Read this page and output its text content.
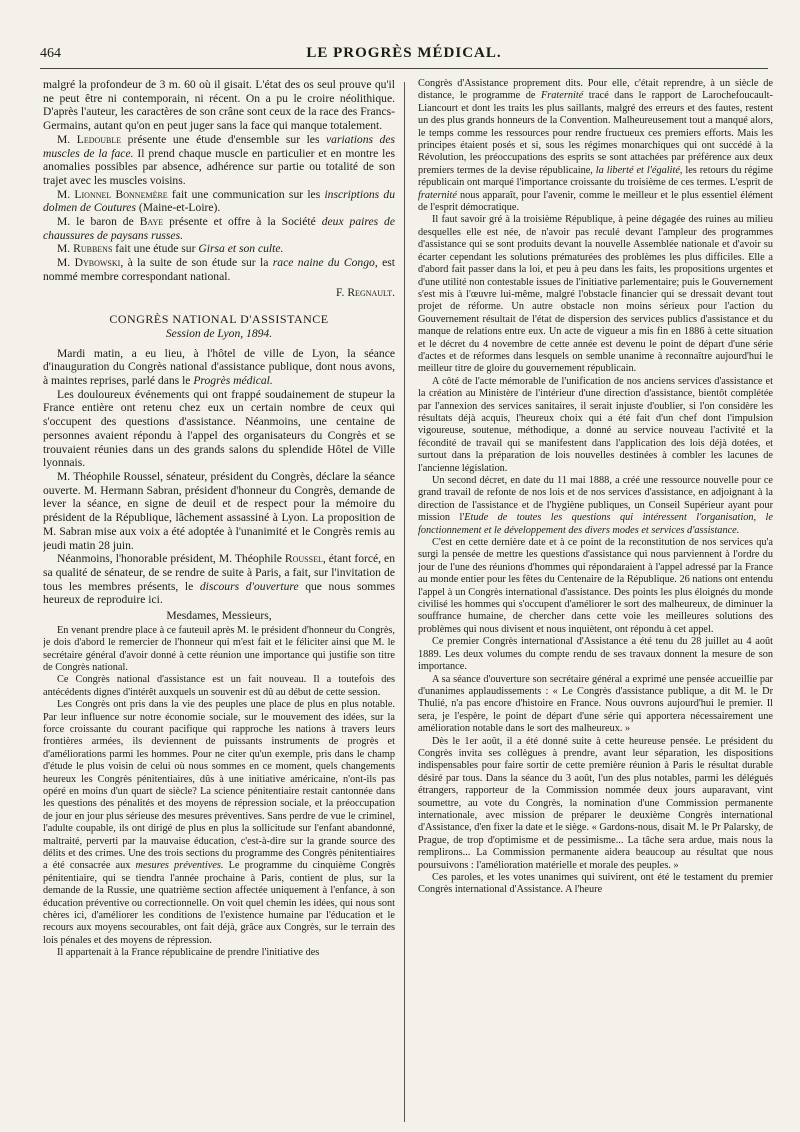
464	LE PROGRÈS MÉDICAL.

malgré la profondeur de 3 m. 60 où il gisait. L'état des os seul prouve qu'il ne peut être ni contemporain, ni récent. On a pu le croire néolithique. D'après l'auteur, les caractères de son crâne sont ceux de la race des Francs-Germains, autant qu'on en peut juger sans la face qui manque totalement.

M. Ledouble présente une étude d'ensemble sur les variations des muscles de la face. Il prend chaque muscle en particulier et en montre les anomalies possibles par absence, adhérence sur partie ou totalité de son trajet avec les muscles voisins.

M. Lionnel Bonnemère fait une communication sur les inscriptions du dolmen de Coutures (Maine-et-Loire).

M. le baron de Baye présente et offre à la Société deux paires de chaussures de paysans russes.

M. Rubbens fait une étude sur Girsa et son culte.

M. Dybowski, à la suite de son étude sur la race naine du Congo, est nommé membre correspondant national.

F. Regnault.
CONGRÈS NATIONAL D'ASSISTANCE
Session de Lyon, 1894.

Mardi matin, a eu lieu, à l'hôtel de ville de Lyon, la séance d'inauguration du Congrès national d'assistance publique, dont nous avons, à maintes reprises, parlé dans le Progrès médical.

Les douloureux événements qui ont frappé soudainement de stupeur la France entière ont retenu chez eux un certain nombre de ceux qui s'occupent des questions d'assistance. Néanmoins, une centaine de personnes avaient répondu à l'appel des organisateurs du Congrès et se trouvaient réunies dans un des grands salons du splendide Hôtel de Ville lyonnais.

M. Théophile Roussel, sénateur, président du Congrès, déclare la séance ouverte. M. Hermann Sabran, président d'honneur du Congrès, demande de lever la séance, en signe de deuil et de respect pour la mémoire du président de la République, lâchement assassiné à Lyon. La proposition de M. Sabran mise aux voix a été adoptée à l'unanimité et le Congrès remis au jeudi matin 28 juin.

Néanmoins, l'honorable président, M. Théophile Roussel, étant forcé, en sa qualité de sénateur, de se rendre de suite à Paris, a fait, sur l'invitation de tous les membres présents, le discours d'ouverture que nous sommes heureux de reproduire ici.

Mesdames, Messieurs,

En venant prendre place à ce fauteuil après M. le président d'honneur du Congrès, je dois d'abord le remercier de l'honneur qui m'est fait et le féliciter ainsi que M. le secrétaire général d'avoir donné à cette réunion une importance qui justifie son titre de Congrès national.

Ce Congrès national d'assistance est un fait nouveau. Il a toutefois des antécédents dignes d'intérêt auxquels un souvenir est dû au début de cette session.

Les Congrès ont pris dans la vie des peuples une place de plus en plus notable. Par leur influence sur notre économie sociale, sur le mouvement des idées, sur la force croissante du courant pacifique qui rapproche les nations à travers leurs frontières armées, ils deviennent de puissants instruments de progrès et d'améliorations parmi les hommes. Pour ne citer qu'un exemple, pris dans le champ d'étude le plus voisin de celui où nous sommes en ce moment, quels changements heureux les Congrès pénitentiaires, dûs à une initiative américaine, n'ont-ils pas opéré en moins d'un quart de siècle? La science pénitentiaire restait cantonnée dans les questions des pénalités et des moyens de répression sociale, et la préoccupation de jour en jour plus sérieuse des mesures préventives. Sans perdre de vue le criminel, l'adulte coupable, ils ont dirigé de plus en plus la sollicitude sur l'enfant abandonné, maltraité, perverti par la mauvaise éducation, c'est-à-dire sur la grande source des délits et des crimes. Une des trois sections du programme des Congrès pénitentiaires a été consacrée aux mesures préventives. Le programme du cinquième Congrès pénitentiaire, qui se tiendra l'année prochaine à Paris, contient de plus, sur la demande de la Russie, une quatrième section affectée uniquement à l'enfance, à son éducation préventive ou correctionnelle. On voit quel chemin les idées, qui nous sont chères ici, d'améliorer les conditions de l'existence humaine par l'éducation et le recours aux moyens secourables, ont fait déjà, grâce aux Congrès, sur le terrain des lois pénales et des moyens de répression.

Il appartenait à la France républicaine de prendre l'initiative des

Congrès d'Assistance proprement dits. Pour elle, c'était reprendre, à un siècle de distance, le programme de Fraternité tracé dans le rapport de Larochefoucault-Liancourt et dont les traits les plus saillants, malgré des erreurs et des fautes, restent un des plus grands honneurs de la Convention. Malheureusement tout a manqué alors, le temps comme les ressources pour rendre fructueux ces premiers efforts. Mais les principes étaient posés et si, sous les régimes monarchiques qui ont succédé à la Révolution, les préoccupations des esprits se sont attachées par préférence aux deux premiers termes de la devise républicaine, la liberté et l'égalité, les retours du régime républicain ont marqué l'importance croissante du troisième de ces termes. L'esprit de fraternité nous apparaît, pour l'avenir, comme le meilleur et le plus essentiel élément de l'esprit démocratique.

Il faut savoir gré à la troisième République, à peine dégagée des ruines au milieu desquelles elle est née, de n'avoir pas reculé devant l'ampleur des programmes d'assistance qui se sont produits devant la nouvelle Assemblée nationale et d'avoir su écarter cependant les solutions prématurées des problèmes les plus difficiles. Elle a d'abord fait passer dans la loi, et peu à peu dans les faits, les propositions urgentes et d'une utilité non contestable issues de l'initiative parlementaire; puis le Gouvernement s'est mis à l'œuvre lui-même, malgré l'obstacle financier qui se dressait devant tout projet de réforme. Un autre obstacle non moins sérieux pour l'action du Gouvernement résultait de l'état de dispersion des services publics d'assistance et du manque de relations entre eux. Un acte de vigueur a mis fin en 1886 à cette situation et le décret du 4 novembre de cette année est devenu le point de départ d'une série d'actes et de réformes dans lesquels on semble unanime à reconnaître aujourd'hui le meilleur titre de gloire du gouvernement républicain.

A côté de l'acte mémorable de l'unification de nos anciens services d'assistance et la création au Ministère de l'intérieur d'une direction d'assistance, bientôt complétée par l'annexion des services sanitaires, il serait injuste d'oublier, si l'on considère les résultats déjà acquis, l'heureux choix qui a été fait d'un chef dont l'impulsion vigoureuse, soutenue, méthodique, a donné au service nouveau l'activité et la fécondité de travail qui se manifestent dans l'application des lois déjà dotées, et surtout dans la préparation de lois nouvelles destinées à combler les lacunes de l'ancienne législation.

Un second décret, en date du 11 mai 1888, a créé une ressource nouvelle pour ce grand travail de refonte de nos lois et de nos services d'assistance, en adjoignant à la direction de l'assistance et de l'hygiène publiques, un Conseil Supérieur ayant pour mission l'Etude de toutes les questions qui intéressent l'organisation, le fonctionnement et le développement des divers modes et services d'assistance.

C'est en cette dernière date et à ce point de la reconstitution de nos services qu'a surgi la pensée de mettre les questions d'assistance qui nous parviennent à l'ordre du jour de l'une des réunions d'hommes qui répondaraient à l'appel adressé par la France au monde entier pour les fêtes du Centenaire de la République. 26 nations ont entendu l'appel à un Congrès international d'assistance. Des points les plus éloignés du monde civilisé les hommes qui s'occupent d'améliorer le sort des malheureux, de diminuer la souffrance humaine, de chercher dans cette voie les meilleures solutions des problèmes qui nous divisent et nous inquiètent, ont répondu à cet appel.

Ce premier Congrès international d'Assistance a été tenu du 28 juillet au 4 août 1889. Les deux volumes du compte rendu de ses travaux donnent la mesure de son importance.

A sa séance d'ouverture son secrétaire général a exprimé une pensée accueillie par d'unanimes applaudissements : « Le Congrès d'assistance publique, a dit M. le Dr Thulié, n'a pas encore d'histoire en France. Nous ouvrons aujourd'hui le premier. Il sera, je l'espère, le point de départ d'une série qui apportera nécessairement une amélioration notable dans le sort des malheureux. »

Dès le 1er août, il a été donné suite à cette heureuse pensée. Le président du Congrès invita ses collègues à prendre, avant leur séparation, les dispositions indispensables pour faire sortir de cette première réunion à Paris le résultat durable désiré par tous. Dans la séance du 3 août, l'un des plus notables, parmi les délégués étrangers, rapporteur de la Commission nommée deux jours auparavant, vint soumettre, au vote du Congrès, la nomination d'une Commission permanente internationale, avec mission de préparer le deuxième Congrès international d'Assistance, d'en fixer la date et le siège. « Gardons-nous, disait M. le Pr Palarsky, de Prague, de trop d'optimisme et de pessimisme... La tâche sera ardue, mais nous la remplirons... La Commission permanente aidera beaucoup au résultat que nous poursuivons : l'amélioration matérielle et morale des peuples. »

Ces paroles, et les votes unanimes qui suivirent, ont été le testament du premier Congrès international d'Assistance. A l'heure
